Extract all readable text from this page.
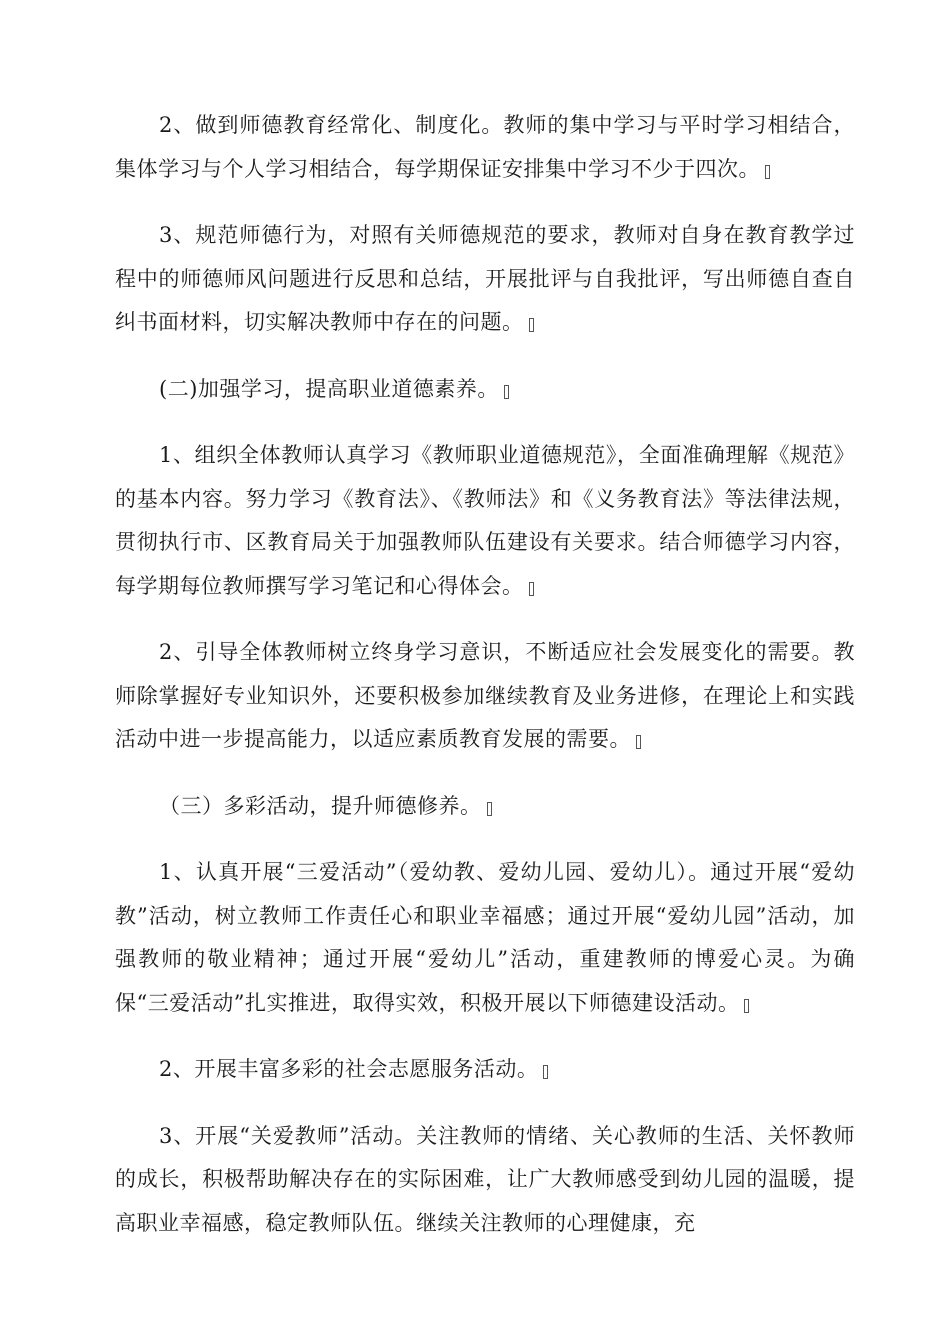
2、做到师德教育经常化、制度化。教师的集中学习与平时学习相结合，集体学习与个人学习相结合，每学期保证安排集中学习不少于四次。

3、规范师德行为，对照有关师德规范的要求，教师对自身在教育教学过程中的师德师风问题进行反思和总结，开展批评与自我批评，写出师德自查自纠书面材料，切实解决教师中存在的问题。

(二)加强学习，提高职业道德素养。

1、组织全体教师认真学习《教师职业道德规范》，全面准确理解《规范》的基本内容。努力学习《教育法》、《教师法》和《义务教育法》等法律法规，贯彻执行市、区教育局关于加强教师队伍建设有关要求。结合师德学习内容，每学期每位教师撰写学习笔记和心得体会。

2、引导全体教师树立终身学习意识，不断适应社会发展变化的需要。教师除掌握好专业知识外，还要积极参加继续教育及业务进修，在理论上和实践活动中进一步提高能力，以适应素质教育发展的需要。

（三）多彩活动，提升师德修养。

1、认真开展“三爱活动”（爱幼教、爱幼儿园、爱幼儿）。通过开展“爱幼教”活动，树立教师工作责任心和职业幸福感；通过开展“爱幼儿园”活动，加强教师的敬业精神；通过开展“爱幼儿”活动，重建教师的博爱心灵。为确保“三爱活动”扎实推进，取得实效，积极开展以下师德建设活动。

2、开展丰富多彩的社会志愿服务活动。

3、开展“关爱教师”活动。关注教师的情绪、关心教师的生活、关怀教师的成长，积极帮助解决存在的实际困难，让广大教师感受到幼儿园的温暖，提高职业幸福感，稳定教师队伍。继续关注教师的心理健康，充
